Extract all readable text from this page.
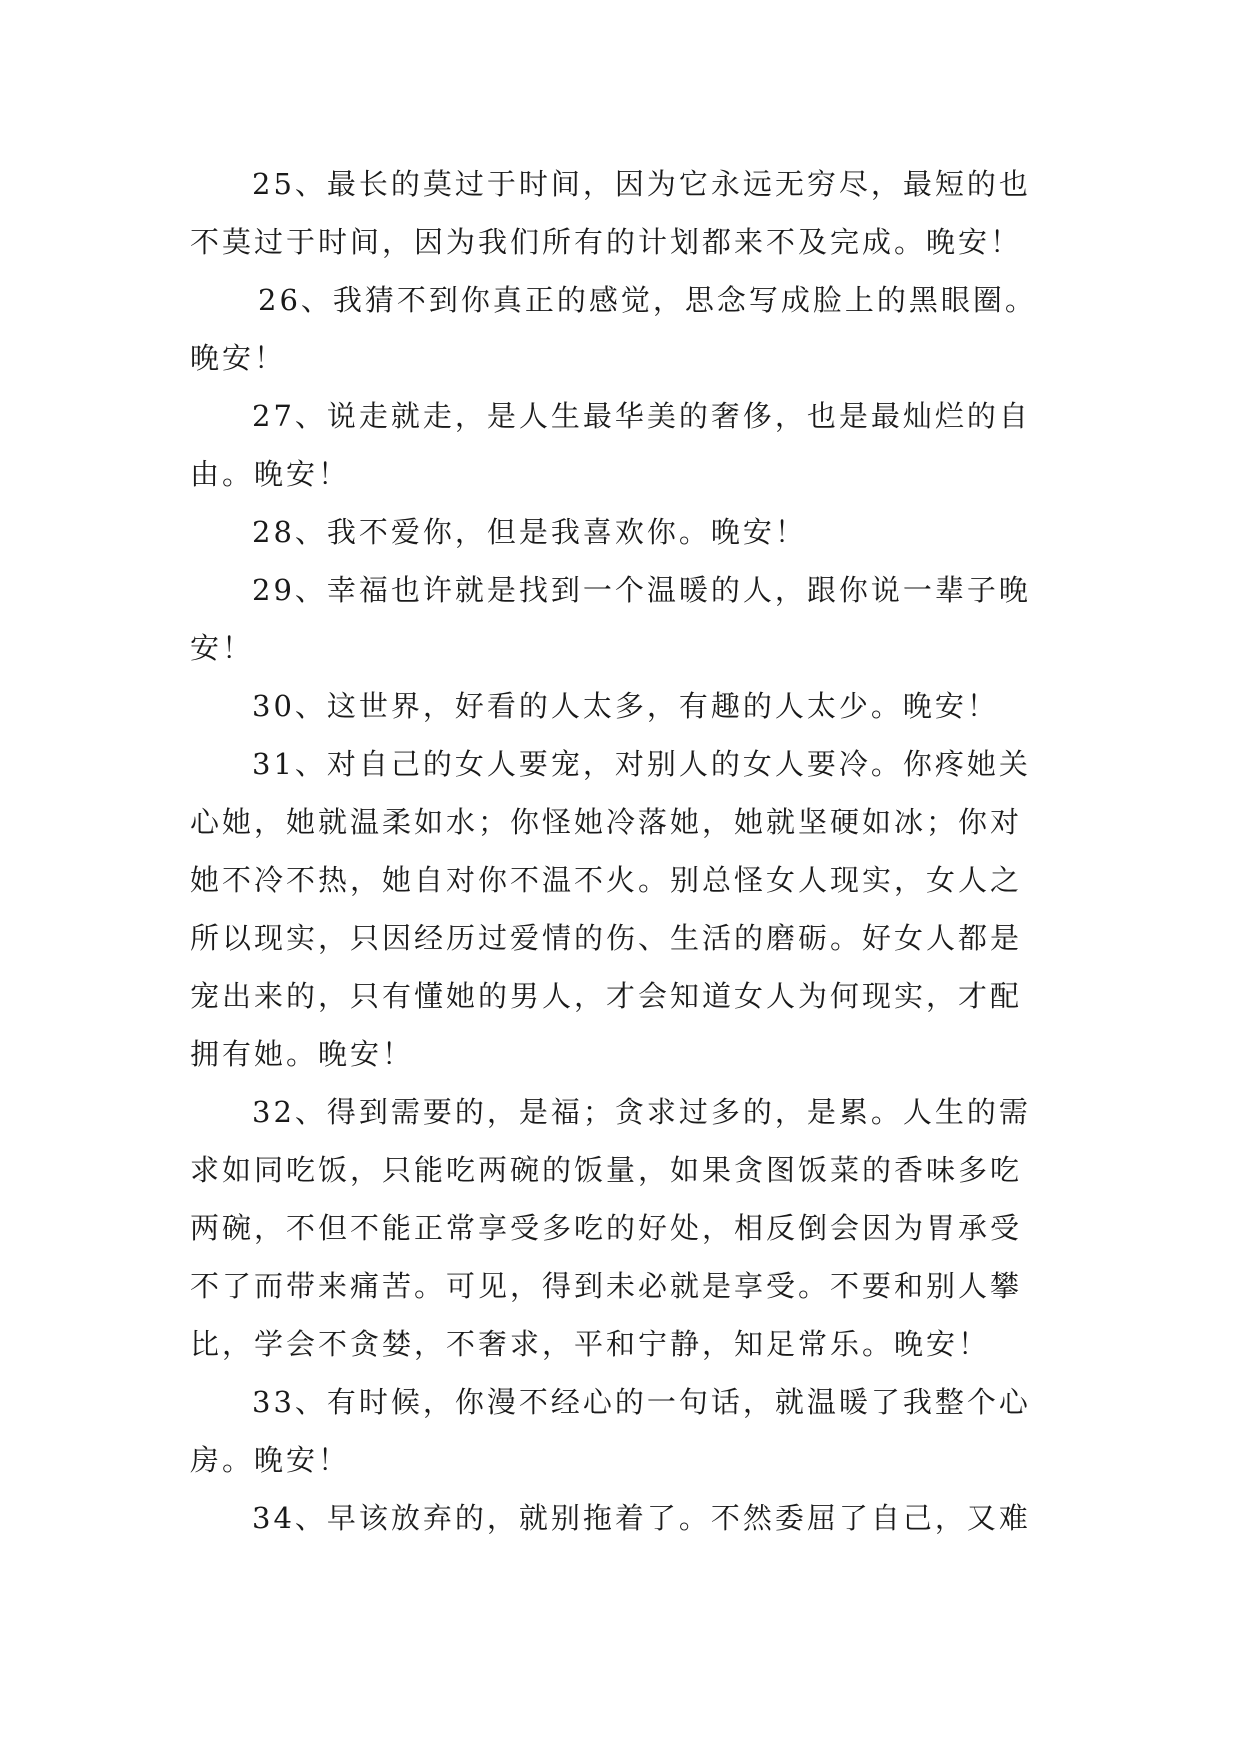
25、最长的莫过于时间，因为它永远无穷尽，最短的也

不莫过于时间，因为我们所有的计划都来不及完成。晚安！

26、我猜不到你真正的感觉，思念写成脸上的黑眼圈。

晚安！

27、说走就走，是人生最华美的奢侈，也是最灿烂的自

由。晚安！

28、我不爱你，但是我喜欢你。晚安！

29、幸福也许就是找到一个温暖的人，跟你说一辈子晚

安！

30、这世界，好看的人太多，有趣的人太少。晚安！

31、对自己的女人要宠，对别人的女人要冷。你疼她关

心她，她就温柔如水；你怪她冷落她，她就坚硬如冰；你对

她不冷不热，她自对你不温不火。别总怪女人现实，女人之

所以现实，只因经历过爱情的伤、生活的磨砺。好女人都是

宠出来的，只有懂她的男人，才会知道女人为何现实，才配

拥有她。晚安！

32、得到需要的，是福；贪求过多的，是累。人生的需

求如同吃饭，只能吃两碗的饭量，如果贪图饭菜的香味多吃

两碗，不但不能正常享受多吃的好处，相反倒会因为胃承受

不了而带来痛苦。可见，得到未必就是享受。不要和别人攀

比，学会不贪婪，不奢求，平和宁静，知足常乐。晚安！

33、有时候，你漫不经心的一句话，就温暖了我整个心

房。晚安！

34、早该放弃的，就别拖着了。不然委屈了自己，又难
